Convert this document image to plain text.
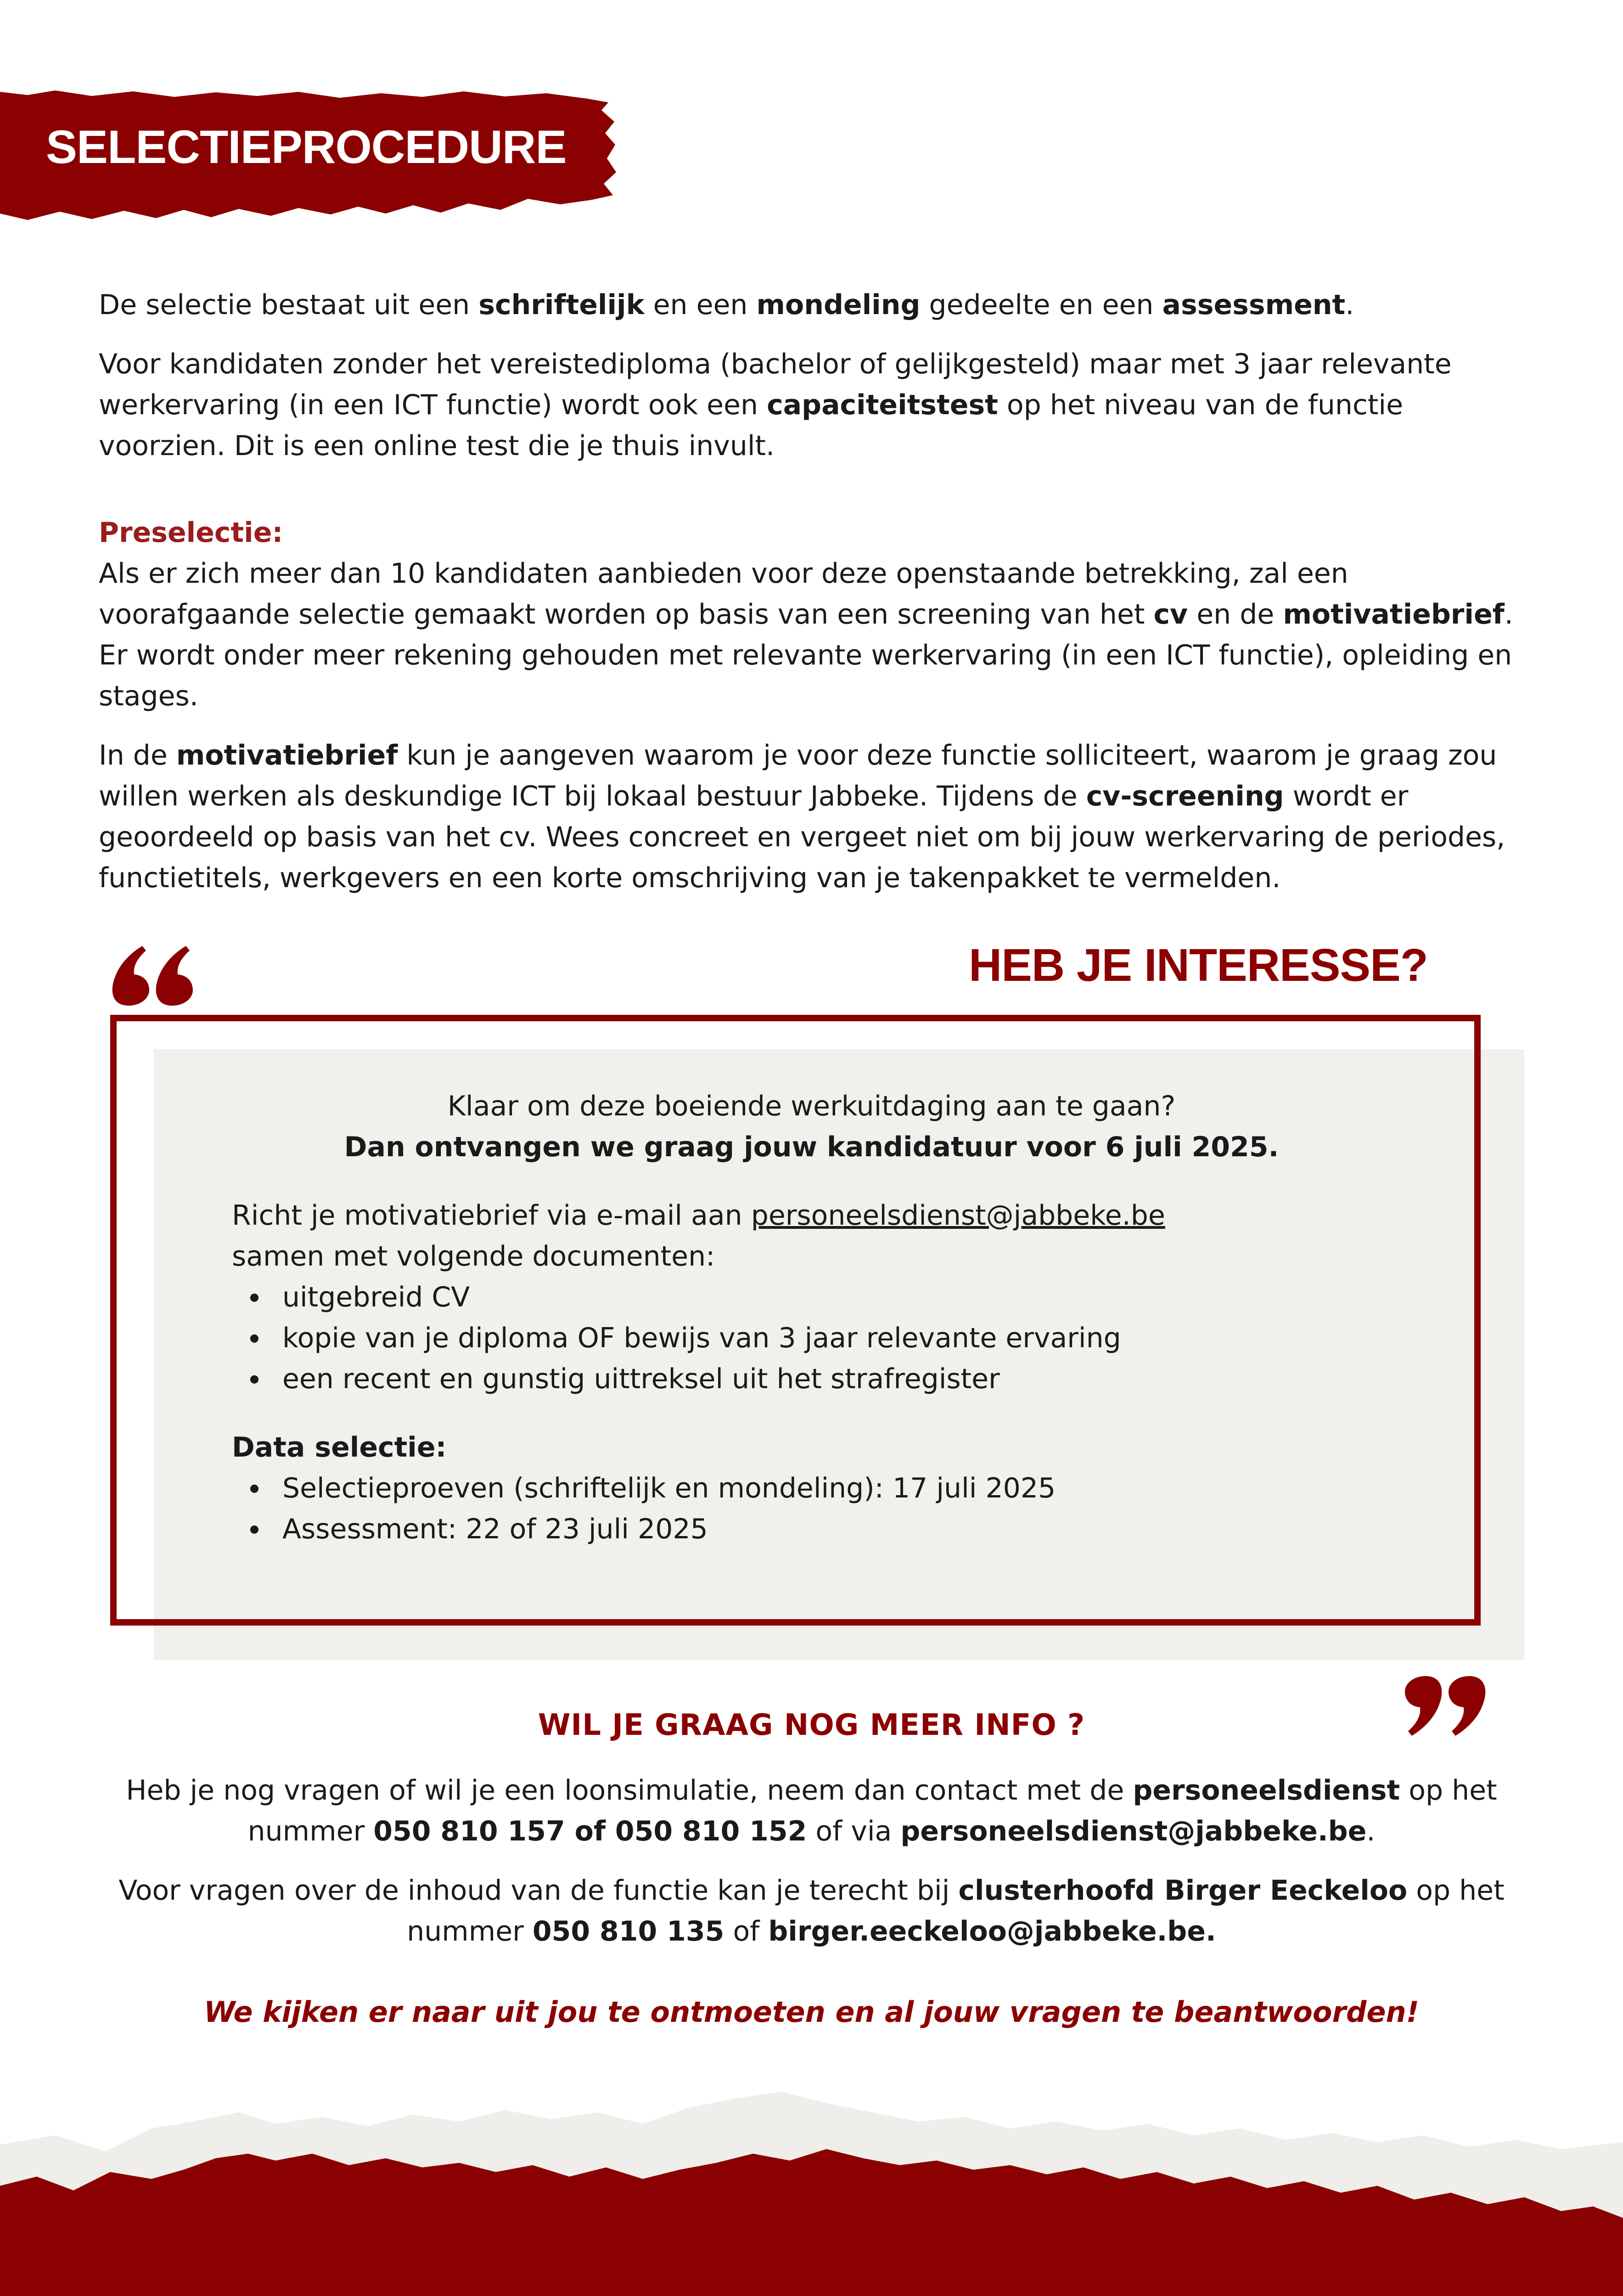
SELECTIEPROCEDURE

De selectie bestaat uit een schriftelijk en een mondeling gedeelte en een assessment.

Voor kandidaten zonder het vereistediploma (bachelor of gelijkgesteld) maar met 3 jaar relevante werkervaring (in een ICT functie) wordt ook een capaciteitstest op het niveau van de functie voorzien. Dit is een online test die je thuis invult.

Preselectie:

Als er zich meer dan 10 kandidaten aanbieden voor deze openstaande betrekking, zal een voorafgaande selectie gemaakt worden op basis van een screening van het cv en de motivatiebrief. Er wordt onder meer rekening gehouden met relevante werkervaring (in een ICT functie), opleiding en stages.

In de motivatiebrief kun je aangeven waarom je voor deze functie solliciteert, waarom je graag zou willen werken als deskundige ICT bij lokaal bestuur Jabbeke. Tijdens de cv-screening wordt er geoordeeld op basis van het cv. Wees concreet en vergeet niet om bij jouw werkervaring de periodes, functietitels, werkgevers en een korte omschrijving van je takenpakket te vermelden.

HEB JE INTERESSE?
Klaar om deze boeiende werkuitdaging aan te gaan?
Dan ontvangen we graag jouw kandidatuur voor 6 juli 2025.

Richt je motivatiebrief via e-mail aan personeelsdienst@jabbeke.be

samen met volgende documenten:

uitgebreid CV
kopie van je diploma OF bewijs van 3 jaar relevante ervaring
een recent en gunstig uittreksel uit het strafregister

Data selectie:

Selectieproeven (schriftelijk en mondeling): 17 juli 2025
Assessment: 22 of 23 juli 2025
WIL JE GRAAG NOG MEER INFO ?

Heb je nog vragen of wil je een loonsimulatie, neem dan contact met de personeelsdienst op het nummer 050 810 157 of 050 810 152 of via personeelsdienst@jabbeke.be.

Voor vragen over de inhoud van de functie kan je terecht bij clusterhoofd Birger Eeckeloo op het nummer 050 810 135 of birger.eeckeloo@jabbeke.be.

We kijken er naar uit jou te ontmoeten en al jouw vragen te beantwoorden!
